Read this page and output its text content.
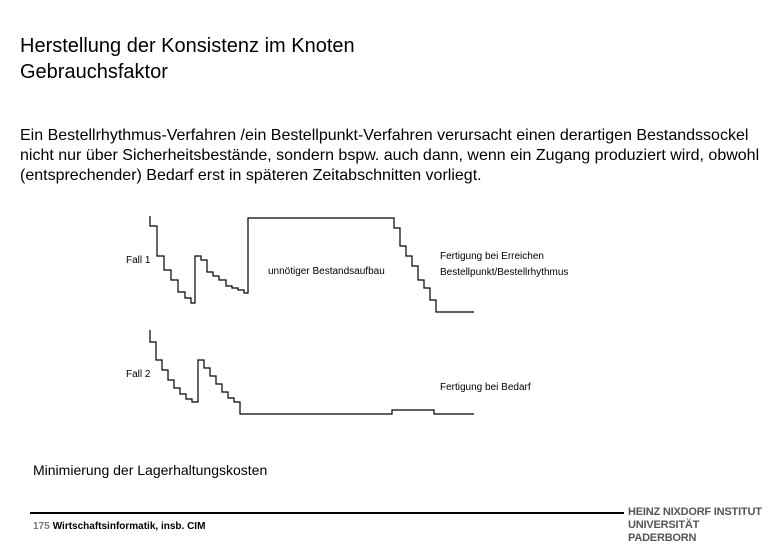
Herstellung der Konsistenz im Knoten
Gebrauchsfaktor
Ein Bestellrhythmus-Verfahren /ein Bestellpunkt-Verfahren verursacht einen derartigen Bestandssockel nicht nur über Sicherheitsbestände, sondern bspw. auch dann, wenn ein Zugang produziert wird, obwohl (entsprechender) Bedarf erst in späteren Zeitabschnitten vorliegt.
Fall 1
unnötiger Bestandsaufbau
Fertigung bei Erreichen
Bestellpunkt/Bestellrhythmus
Fall 2
Fertigung bei Bedarf
Minimierung der Lagerhaltungskosten
175 Wirtschaftsinformatik, insb. CIM
HEINZ NIXDORF INSTITUT
UNIVERSITÄT PADERBORN
